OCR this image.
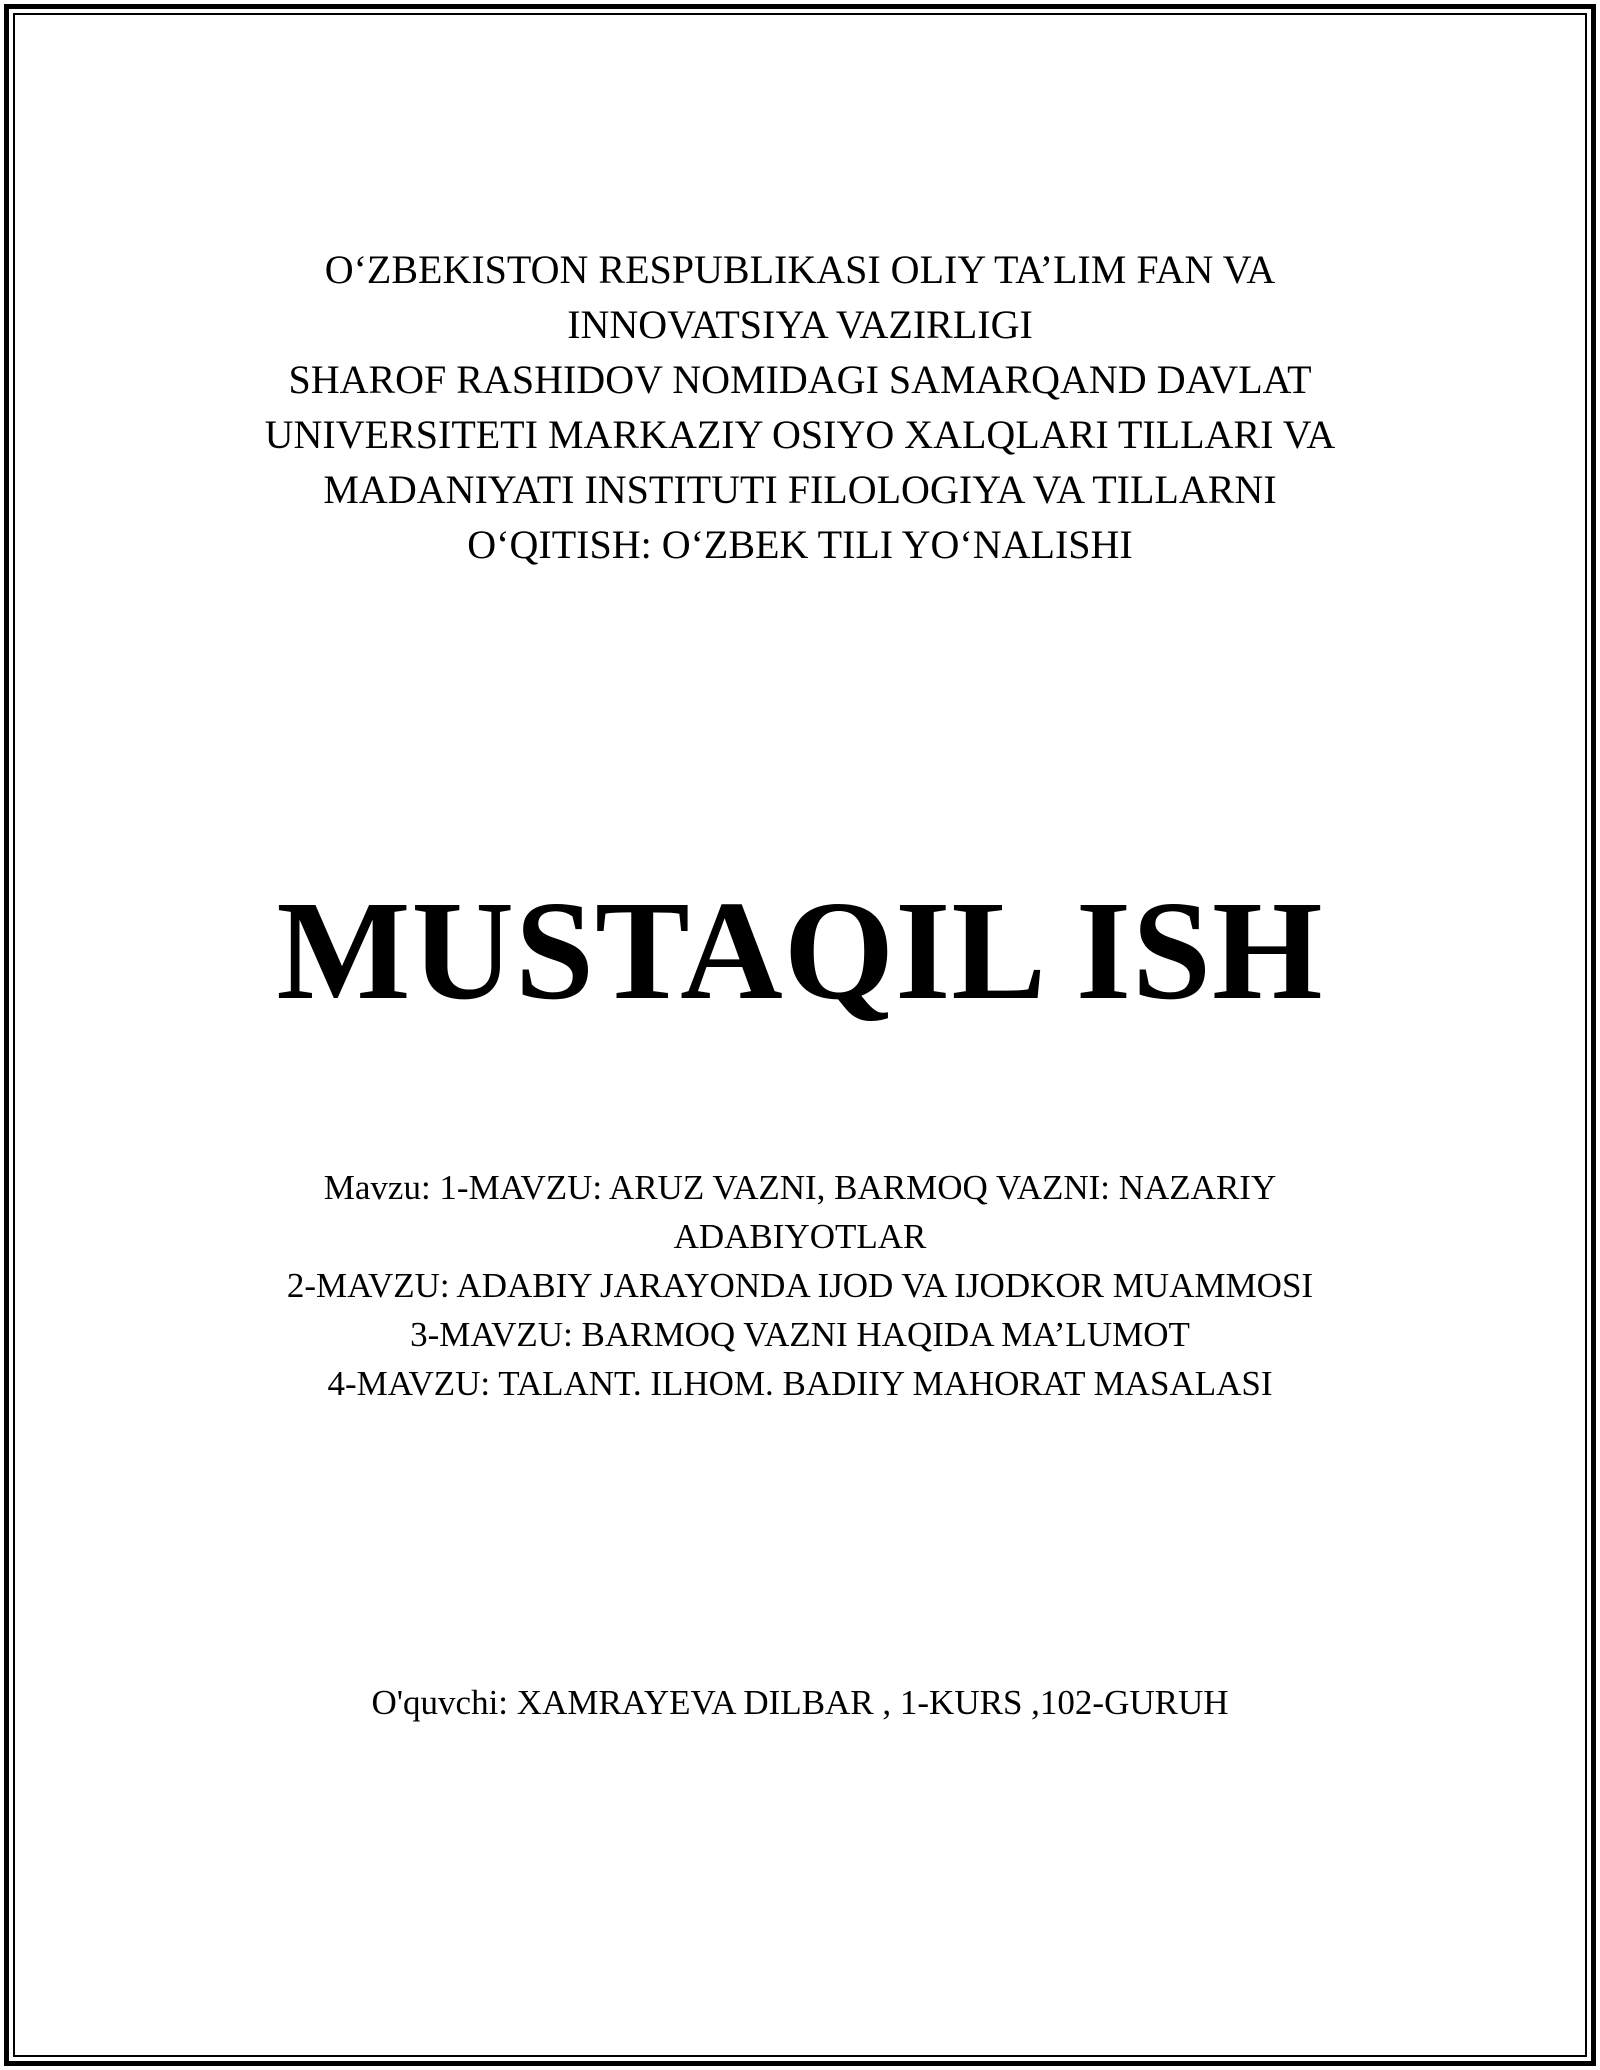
O‘ZBEKISTON RESPUBLIKASI OLIY TA’LIM FAN VA
INNOVATSIYA VAZIRLIGI
SHAROF RASHIDOV NOMIDAGI SAMARQAND DAVLAT
UNIVERSITETI MARKAZIY OSIYO XALQLARI TILLARI VA
MADANIYATI INSTITUTI FILOLOGIYA VA TILLARNI
O‘QITISH: O‘ZBEK TILI YO‘NALISHI
MUSTAQIL ISH
Mavzu: 1-MAVZU: ARUZ VAZNI, BARMOQ VAZNI: NAZARIY
ADABIYOTLAR
2-MAVZU: ADABIY JARAYONDA IJOD VA IJODKOR MUAMMOSI
3-MAVZU: BARMOQ VAZNI HAQIDA MA’LUMOT
4-MAVZU: TALANT. ILHOM. BADIIY MAHORAT MASALASI
O'quvchi: XAMRAYEVA DILBAR , 1-KURS ,102-GURUH
